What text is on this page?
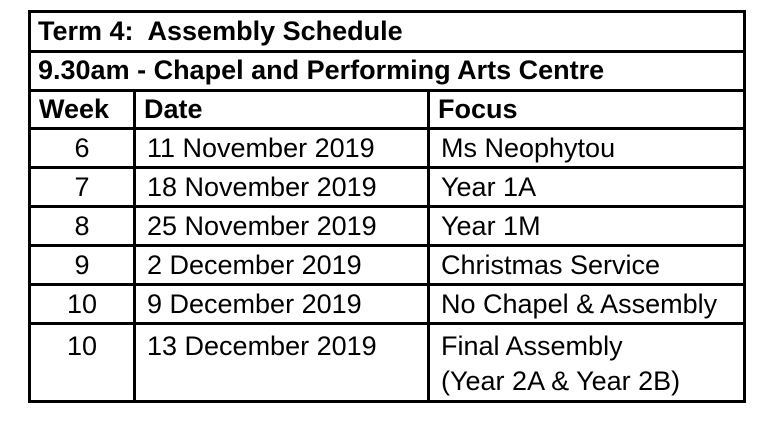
Term 4:  Assembly Schedule		
9.30am - Chapel and Performing Arts Centre		
Week	Date	Focus
6	11 November 2019	Ms Neophytou
7	18 November 2019	Year 1A
8	25 November 2019	Year 1M
9	2 December 2019	Christmas Service
10	9 December 2019	No Chapel & Assembly
10	13 December 2019	Final Assembly
(Year 2A & Year 2B)
